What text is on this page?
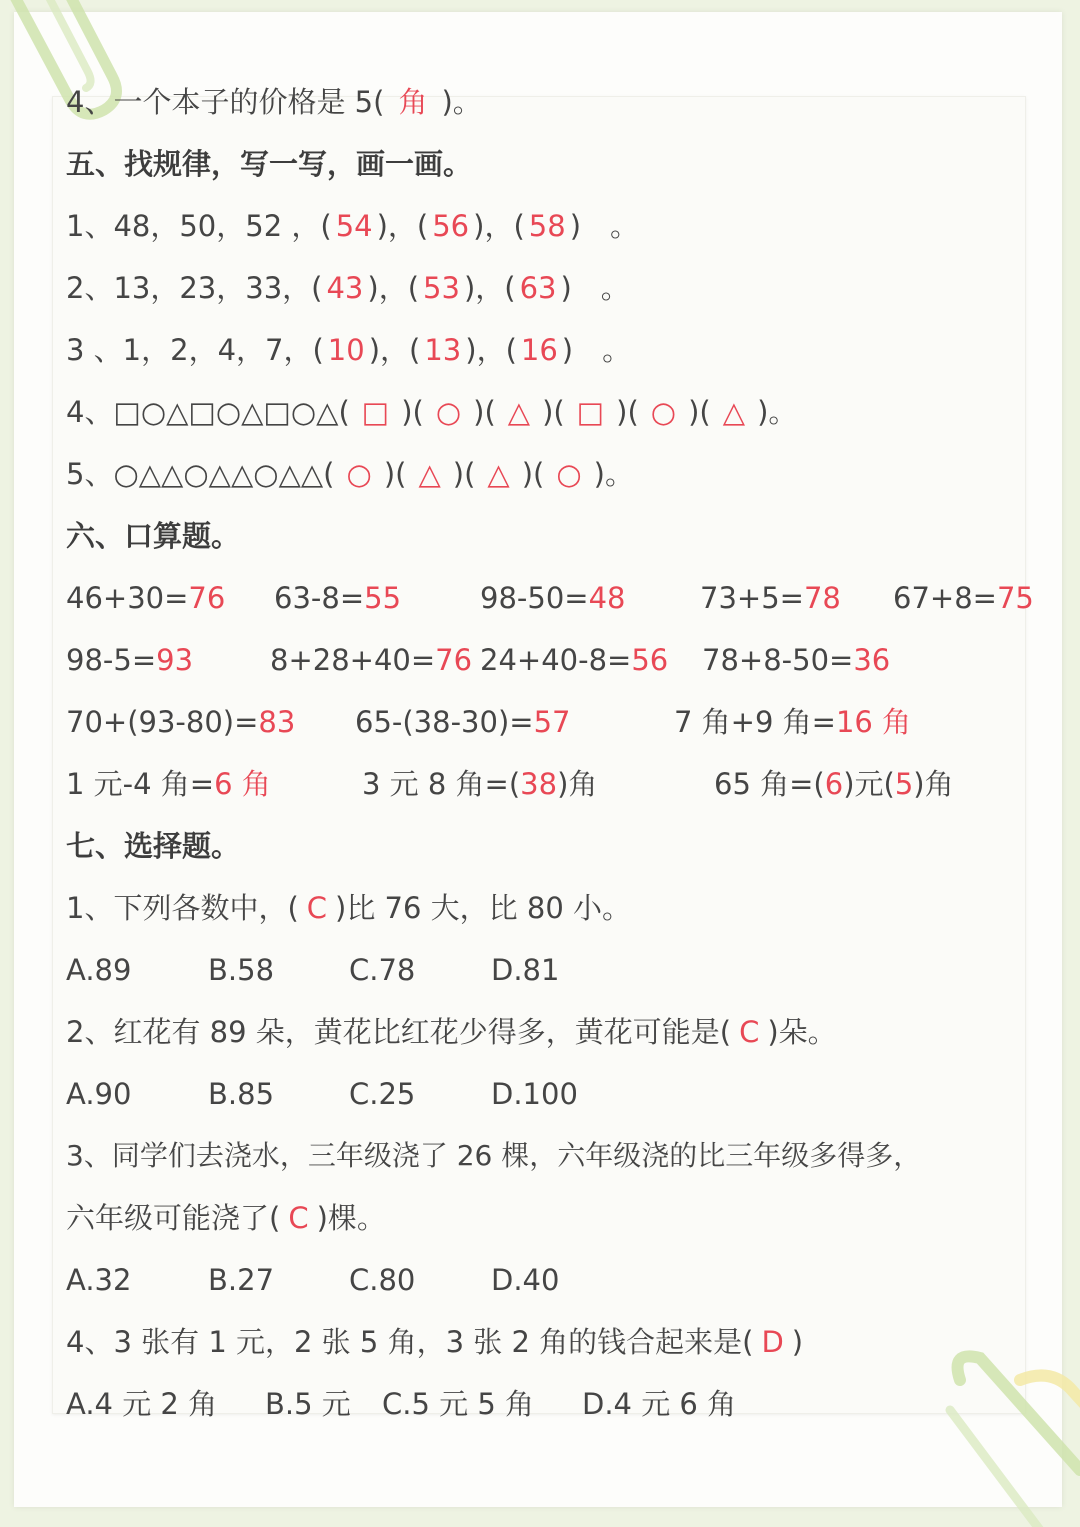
4、一个本子的价格是 5( 角 )。
五、找规律，写一写，画一画。
1、48，50，52 ，( 54 )，( 56 )，( 58 )　。
2、13，23，33，( 43 )，( 53 )，( 63 )　。
3 、1，2，4，7，( 10 )，( 13 )，( 16 )　。
4、□○△□○△□○△( □ )( ○ )( △ )( □ )( ○ )( △ )。
5、○△△○△△○△△( ○ )( △ )( △ )( ○ )。
六、口算题。
46+30=76 63-8=55	98-50=48	73+5=78 67+8=75
98-5=93	8+28+40=76 24+40-8=56 78+8-50=36
70+(93-80)=83 65-(38-30)=57	7 角+9 角=16 角
1 元-4 角=6 角	3 元 8 角=(38)角	65 角=(6)元(5)角
七、选择题。
1、下列各数中，( C )比 76 大，比 80 小。
A.89	B.58	C.78	D.81
2、红花有 89 朵，黄花比红花少得多，黄花可能是( C )朵。
A.90	B.85	C.25	D.100
3、同学们去浇水，三年级浇了 26 棵，六年级浇的比三年级多得多，
六年级可能浇了( C )棵。
A.32	B.27	C.80	D.40
4、3 张有 1 元，2 张 5 角，3 张 2 角的钱合起来是( D )
A.4 元 2 角 B.5 元 C.5 元 5 角 D.4 元 6 角
